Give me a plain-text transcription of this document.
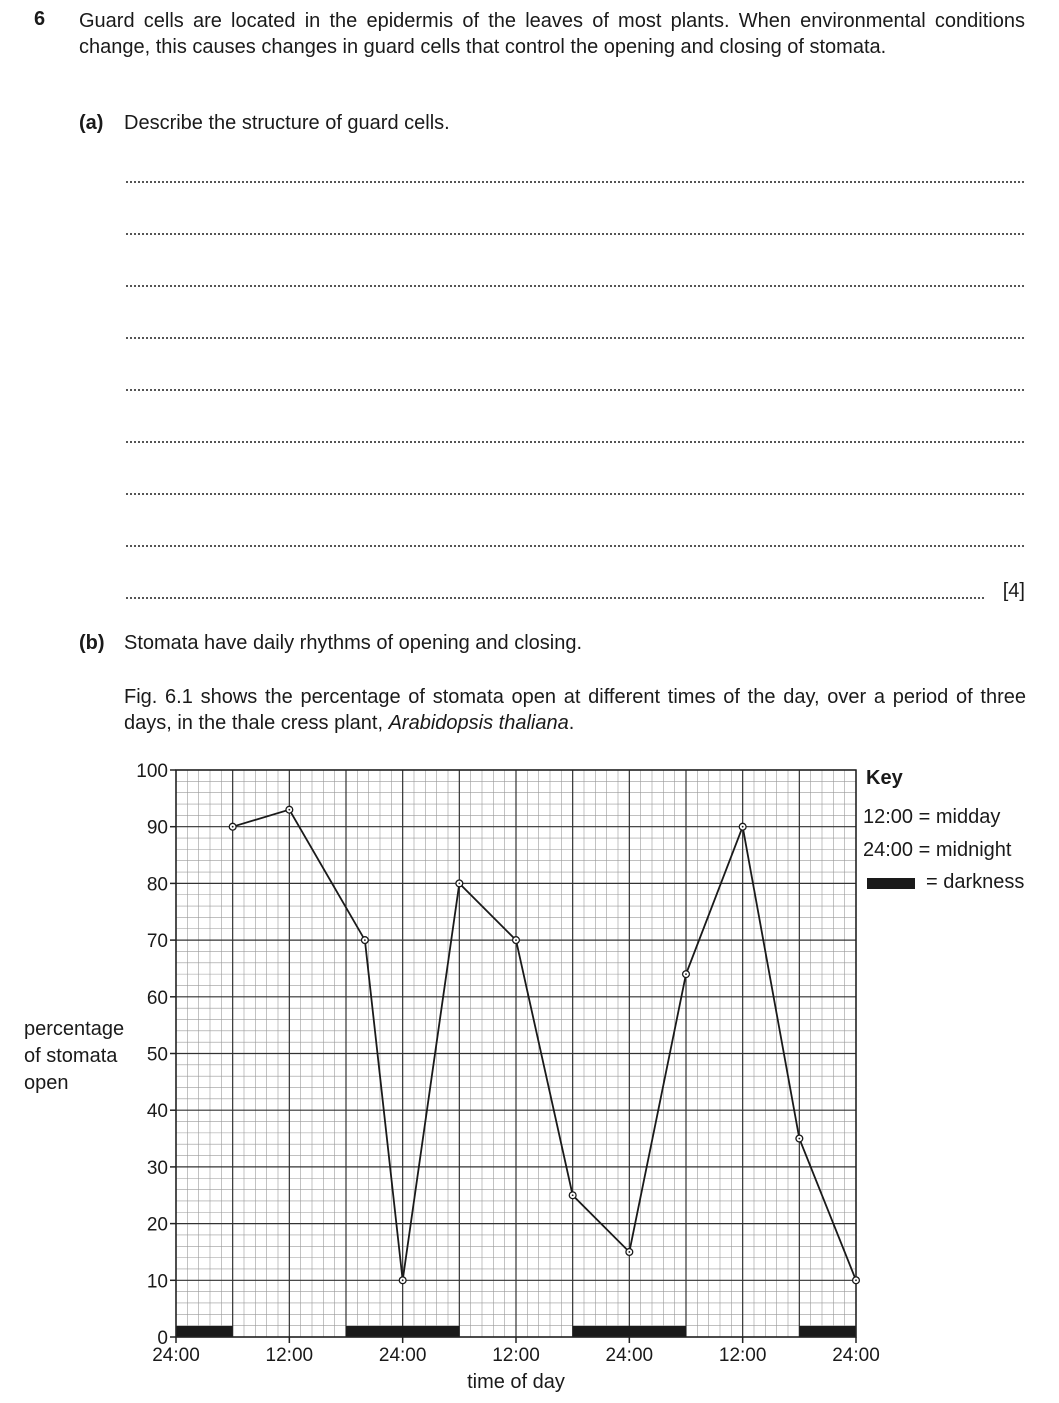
6 Guard cells are located in the epidermis of the leaves of most plants. When environmental conditions change, this causes changes in guard cells that control the opening and closing of stomata.
(a) Describe the structure of guard cells.
[4]
(b) Stomata have daily rhythms of opening and closing.
Fig. 6.1 shows the percentage of stomata open at different times of the day, over a period of three days, in the thale cress plant, Arabidopsis thaliana.
0
10
20
30
40
50
60
70
80
90
100
24:00	12:00	24:00	12:00	24:00	12:00	24:00
percentage
of stomata
open
time of day
Key
12:00 = midday
24:00 = midnight
= darkness
